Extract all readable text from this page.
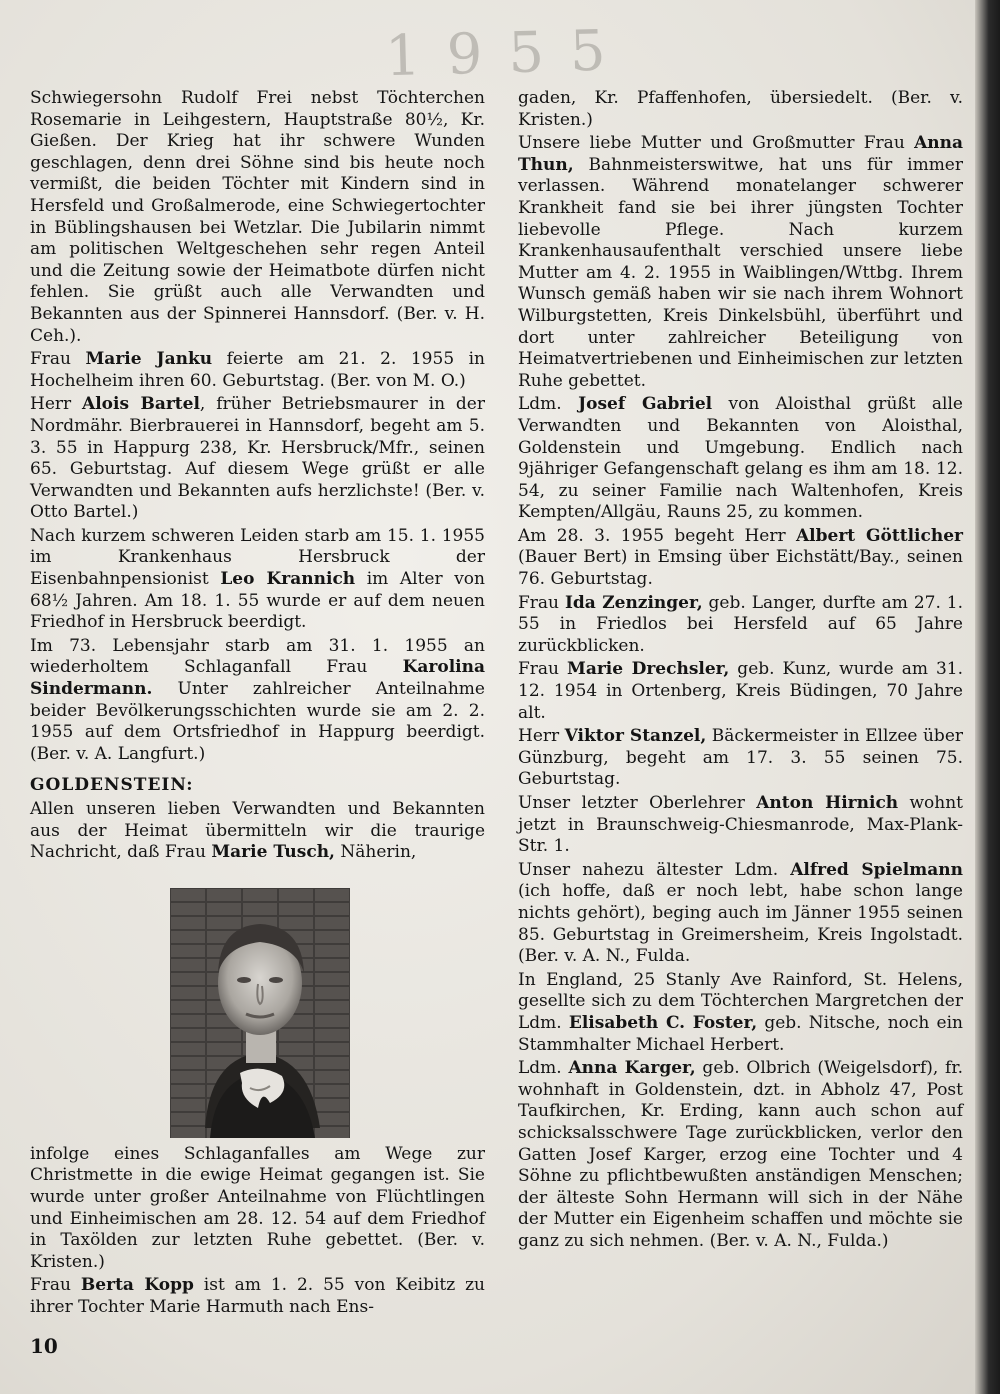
1955

Schwiegersohn Rudolf Frei nebst Töchterchen Rosemarie in Leihgestern, Hauptstraße 80½, Kr. Gießen. Der Krieg hat ihr schwere Wunden geschlagen, denn drei Söhne sind bis heute noch vermißt, die beiden Töchter mit Kindern sind in Hersfeld und Großalmerode, eine Schwiegertochter in Büblingshausen bei Wetzlar. Die Jubilarin nimmt am politischen Weltgeschehen sehr regen Anteil und die Zeitung sowie der Heimatbote dürfen nicht fehlen. Sie grüßt auch alle Verwandten und Bekannten aus der Spinnerei Hannsdorf. (Ber. v. H. Ceh.).

Frau Marie Janku feierte am 21. 2. 1955 in Hochelheim ihren 60. Geburtstag. (Ber. von M. O.)

Herr Alois Bartel, früher Betriebsmaurer in der Nordmähr. Bierbrauerei in Hannsdorf, begeht am 5. 3. 55 in Happurg 238, Kr. Hersbruck/Mfr., seinen 65. Geburtstag. Auf diesem Wege grüßt er alle Verwandten und Bekannten aufs herzlichste! (Ber. v. Otto Bartel.)

Nach kurzem schweren Leiden starb am 15. 1. 1955 im Krankenhaus Hersbruck der Eisenbahnpensionist Leo Krannich im Alter von 68½ Jahren. Am 18. 1. 55 wurde er auf dem neuen Friedhof in Hersbruck beerdigt.

Im 73. Lebensjahr starb am 31. 1. 1955 an wiederholtem Schlaganfall Frau Karolina Sindermann. Unter zahlreicher Anteilnahme beider Bevölkerungsschichten wurde sie am 2. 2. 1955 auf dem Ortsfriedhof in Happurg beerdigt. (Ber. v. A. Langfurt.)

GOLDENSTEIN:

Allen unseren lieben Verwandten und Bekannten aus der Heimat übermitteln wir die traurige Nachricht, daß Frau Marie Tusch, Näherin,

infolge eines Schlaganfalles am Wege zur Christmette in die ewige Heimat gegangen ist. Sie wurde unter großer Anteilnahme von Flüchtlingen und Einheimischen am 28. 12. 54 auf dem Friedhof in Taxölden zur letzten Ruhe gebettet. (Ber. v. Kristen.)

Frau Berta Kopp ist am 1. 2. 55 von Keibitz zu ihrer Tochter Marie Harmuth nach Ens-

gaden, Kr. Pfaffenhofen, übersiedelt. (Ber. v. Kristen.)

Unsere liebe Mutter und Großmutter Frau Anna Thun, Bahnmeisterswitwe, hat uns für immer verlassen. Während monatelanger schwerer Krankheit fand sie bei ihrer jüngsten Tochter liebevolle Pflege. Nach kurzem Krankenhausaufenthalt verschied unsere liebe Mutter am 4. 2. 1955 in Waiblingen/Wttbg. Ihrem Wunsch gemäß haben wir sie nach ihrem Wohnort Wilburgstetten, Kreis Dinkelsbühl, überführt und dort unter zahlreicher Beteiligung von Heimatvertriebenen und Einheimischen zur letzten Ruhe gebettet.

Ldm. Josef Gabriel von Aloisthal grüßt alle Verwandten und Bekannten von Aloisthal, Goldenstein und Umgebung. Endlich nach 9jähriger Gefangenschaft gelang es ihm am 18. 12. 54, zu seiner Familie nach Waltenhofen, Kreis Kempten/Allgäu, Rauns 25, zu kommen.

Am 28. 3. 1955 begeht Herr Albert Göttlicher (Bauer Bert) in Emsing über Eichstätt/Bay., seinen 76. Geburtstag.

Frau Ida Zenzinger, geb. Langer, durfte am 27. 1. 55 in Friedlos bei Hersfeld auf 65 Jahre zurückblicken.

Frau Marie Drechsler, geb. Kunz, wurde am 31. 12. 1954 in Ortenberg, Kreis Büdingen, 70 Jahre alt.

Herr Viktor Stanzel, Bäckermeister in Ellzee über Günzburg, begeht am 17. 3. 55 seinen 75. Geburtstag.

Unser letzter Oberlehrer Anton Hirnich wohnt jetzt in Braunschweig-Chiesmanrode, Max-Plank-Str. 1.

Unser nahezu ältester Ldm. Alfred Spielmann (ich hoffe, daß er noch lebt, habe schon lange nichts gehört), beging auch im Jänner 1955 seinen 85. Geburtstag in Greimersheim, Kreis Ingolstadt. (Ber. v. A. N., Fulda.

In England, 25 Stanly Ave Rainford, St. Helens, gesellte sich zu dem Töchterchen Margretchen der Ldm. Elisabeth C. Foster, geb. Nitsche, noch ein Stammhalter Michael Herbert.

Ldm. Anna Karger, geb. Olbrich (Weigelsdorf), fr. wohnhaft in Goldenstein, dzt. in Abholz 47, Post Taufkirchen, Kr. Erding, kann auch schon auf schicksalsschwere Tage zurückblicken, verlor den Gatten Josef Karger, erzog eine Tochter und 4 Söhne zu pflichtbewußten anständigen Menschen; der älteste Sohn Hermann will sich in der Nähe der Mutter ein Eigenheim schaffen und möchte sie ganz zu sich nehmen. (Ber. v. A. N., Fulda.)

10
